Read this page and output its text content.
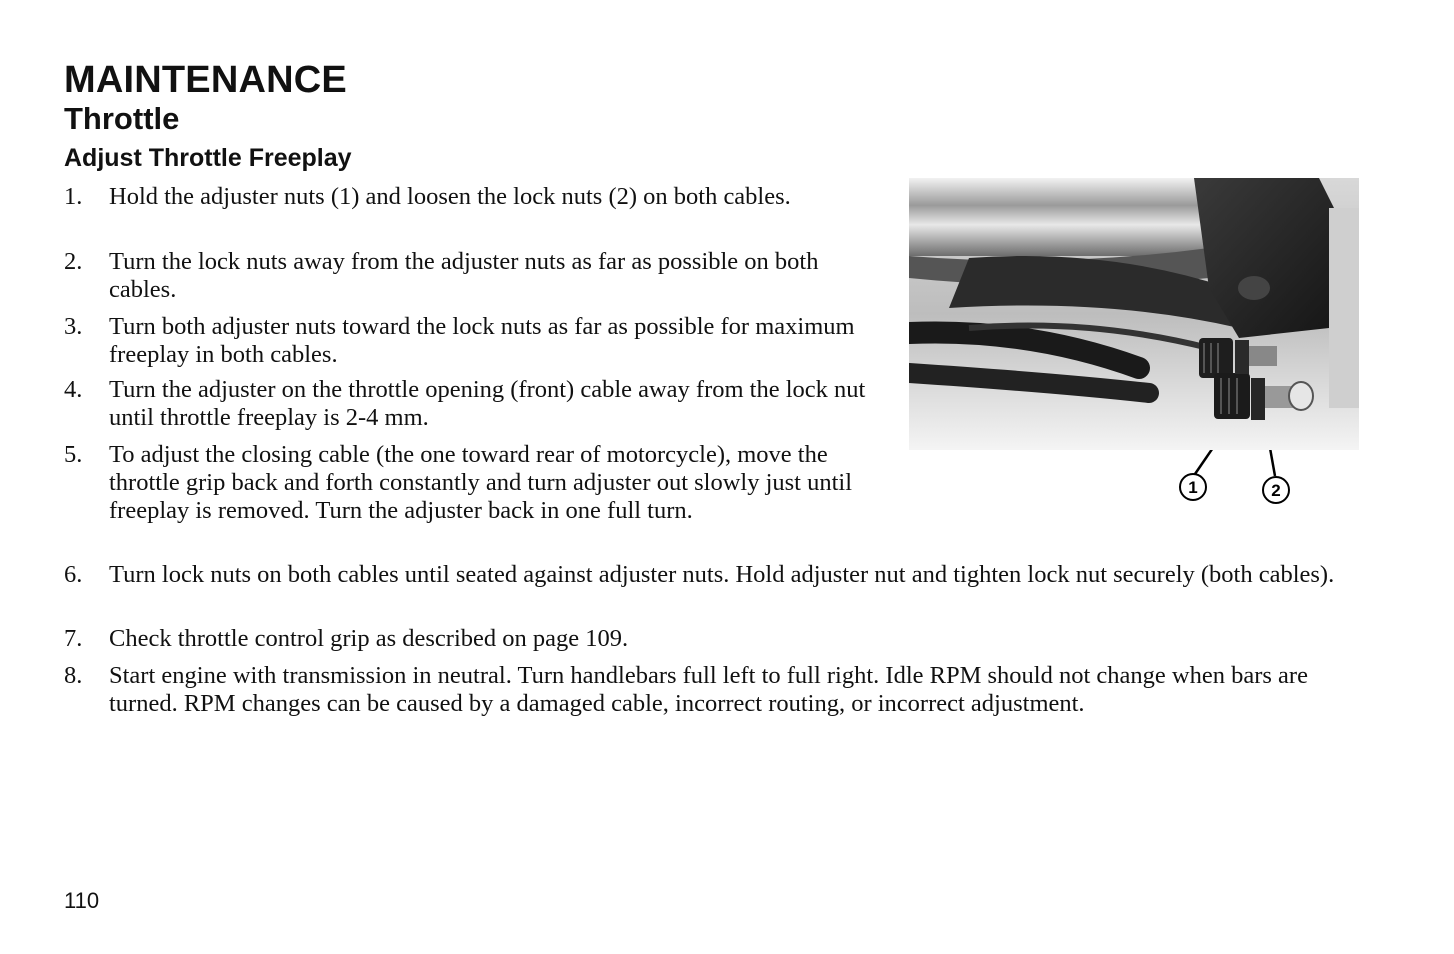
MAINTENANCE
Throttle
Adjust Throttle Freeplay
1.	Hold the adjuster nuts (1) and loosen the lock nuts (2) on both cables.
2.	Turn the lock nuts away from the adjuster nuts as far as possible on both cables.
3.	Turn both adjuster nuts toward the lock nuts as far as possible for maximum freeplay in both cables.
4.	Turn the adjuster on the throttle opening (front) cable away from the lock nut until throttle freeplay is 2-4 mm.
5.	To adjust the closing cable (the one toward rear of motorcycle), move the throttle grip back and forth constantly and turn adjuster out slowly just until freeplay is removed. Turn the adjuster back in one full turn.
6.	Turn lock nuts on both cables until seated against adjuster nuts. Hold adjuster nut and tighten lock nut securely (both cables).
7.	Check throttle control grip as described on page 109.
8.	Start engine with transmission in neutral. Turn handlebars full left to full right. Idle RPM should not change when bars are turned. RPM changes can be caused by a damaged cable, incorrect routing, or incorrect adjustment.
1	2
110
